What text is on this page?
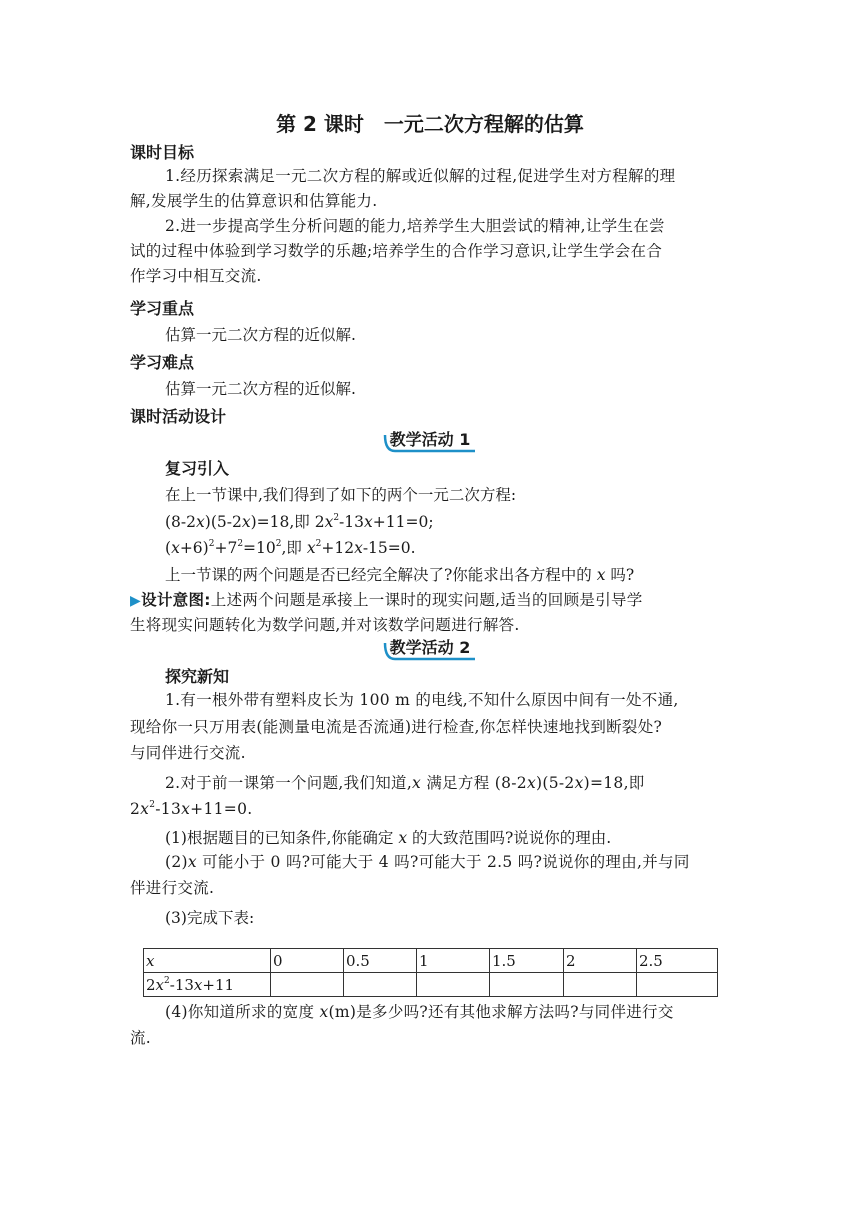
第 2 课时　一元二次方程解的估算
课时目标
1.经历探索满足一元二次方程的解或近似解的过程,促进学生对方程解的理
解,发展学生的估算意识和估算能力.
2.进一步提高学生分析问题的能力,培养学生大胆尝试的精神,让学生在尝
试的过程中体验到学习数学的乐趣;培养学生的合作学习意识,让学生学会在合
作学习中相互交流.
学习重点
估算一元二次方程的近似解.
学习难点
估算一元二次方程的近似解.
课时活动设计
教学活动 1
复习引入
在上一节课中,我们得到了如下的两个一元二次方程:
(8-2x)(5-2x)=18,即 $2x^2-13x+11=0$;
$(x+6)^2+7^2=10^2$,即 $x^2+12x-15=0$.
上一节课的两个问题是否已经完全解决了?你能求出各方程中的 x 吗?
▶设计意图:上述两个问题是承接上一课时的现实问题,适当的回顾是引导学
生将现实问题转化为数学问题,并对该数学问题进行解答.
教学活动 2
探究新知
1.有一根外带有塑料皮长为 100 m 的电线,不知什么原因中间有一处不通,
现给你一只万用表(能测量电流是否流通)进行检查,你怎样快速地找到断裂处?
与同伴进行交流.
2.对于前一课第一个问题,我们知道,x 满足方程 (8-2x)(5-2x)=18,即
$2x^2-13x+11=0$.
(1)根据题目的已知条件,你能确定 x 的大致范围吗?说说你的理由.
(2)x 可能小于 0 吗?可能大于 4 吗?可能大于 2.5 吗?说说你的理由,并与同
伴进行交流.
(3)完成下表:
x	0	0.5	1	1.5	2	2.5
$2x^2-13x+11$						
(4)你知道所求的宽度 x(m)是多少吗?还有其他求解方法吗?与同伴进行交
流.
